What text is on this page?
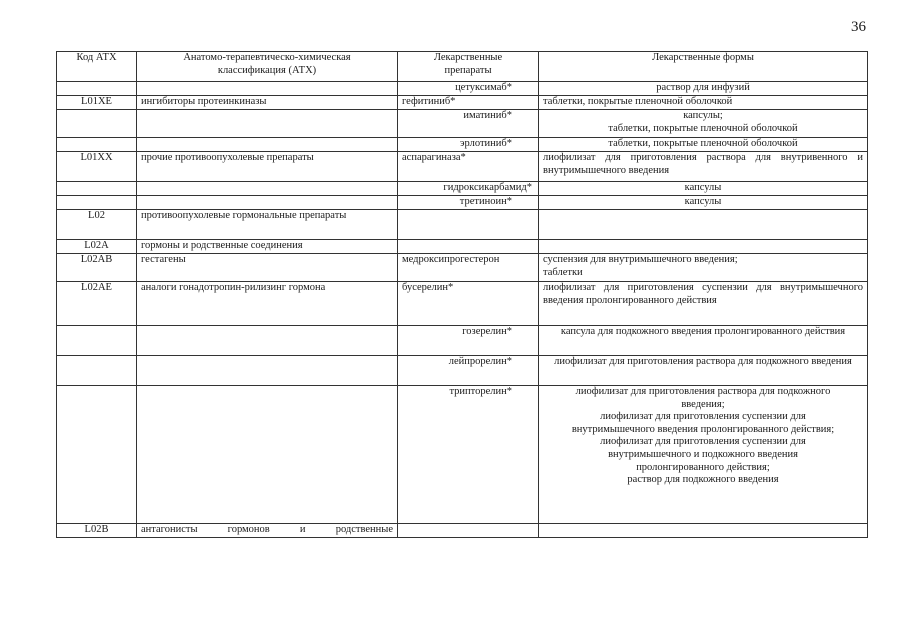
36
Код АТХ	Анатомо-терапевтическо-химическая классификация (АТХ)	Лекарственные препараты	Лекарственные формы
		цетуксимаб*	раствор для инфузий

L01XE	ингибиторы протеинкиназы	гефитиниб*	таблетки, покрытые пленочной оболочкой

		иматиниб*	капсулы;
таблетки, покрытые пленочной оболочкой

		эрлотиниб*	таблетки, покрытые пленочной оболочкой

L01XX	прочие противоопухолевые препараты	аспарагиназа*	лиофилизат для приготовления раствора для внутривенного и внутримышечного введения
		гидроксикарбамид*	капсулы

		третиноин*	капсулы

L02	противоопухолевые гормональные препараты		
L02A	гормоны и родственные соединения		
L02AB	гестагены	медроксипрогестерон	суспензия для внутримышечного введения;
таблетки

L02AE	аналоги гонадотропин-рилизинг гормона	бусерелин*	лиофилизат для приготовления суспензии для внутримышечного введения пролонгированного действия
		гозерелин*	капсула для подкожного введения пролонгированного действия
		лейпрорелин*	лиофилизат для приготовления раствора для подкожного введения
		трипторелин*	лиофилизат для приготовления раствора для подкожного введения;
лиофилизат для приготовления суспензии для внутримышечного введения пролонгированного действия;
лиофилизат для приготовления суспензии для внутримышечного и подкожного введения пролонгированного действия;
раствор для подкожного введения

L02B	антагонисты гормонов и родственные		
